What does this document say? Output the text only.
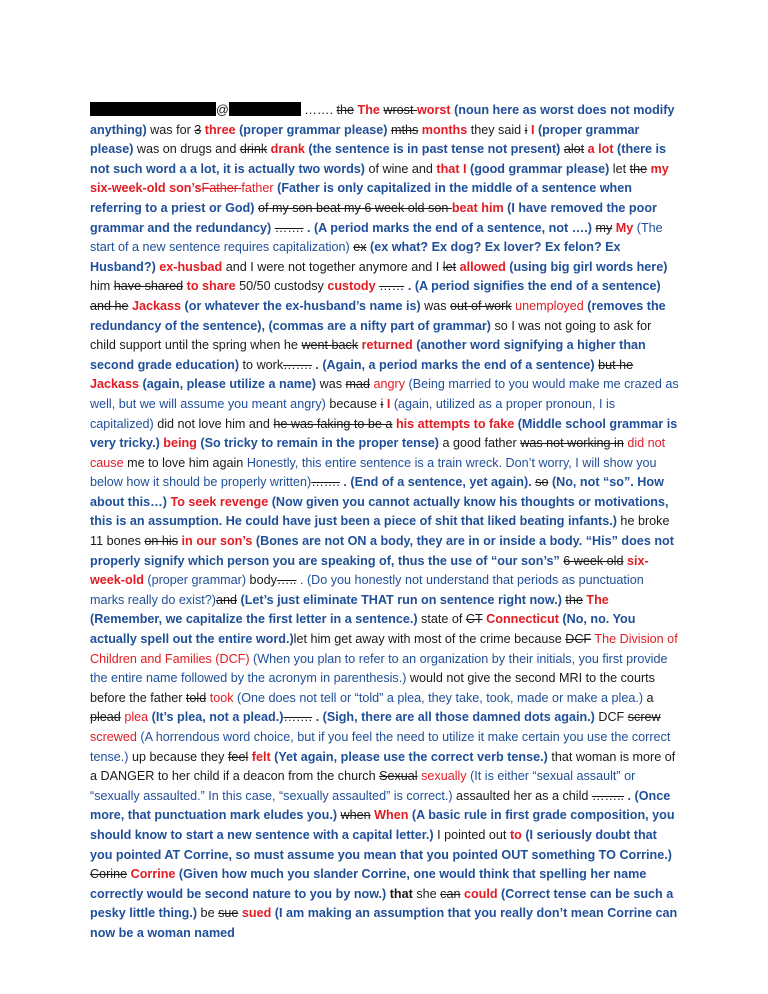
@	……. the The wrost worst (noun here as worst does not modify anything) was for 3 three (proper grammar please) mths months they said i I (proper grammar please) was on drugs and drink drank (the sentence is in past tense not present) alot a lot (there is not such word a a lot, it is actually two words) of wine and that I (good grammar please) let the my six-week-old son’sFather father (Father is only capitalized in the middle of a sentence when referring to a priest or God) of my son beat my 6 week old son beat him (I have removed the poor grammar and the redundancy) ……. . (A period marks the end of a sentence, not ….) my My (The start of a new sentence requires capitalization) ex (ex what? Ex dog? Ex lover? Ex felon? Ex Husband?) ex-husbad and I were not together anymore and I let allowed (using big girl words here) him have shared to share 50/50 custodsy custody …… . (A period signifies the end of a sentence) and he Jackass (or whatever the ex-husband’s name is) was out of work unemployed (removes the redundancy of the sentence), (commas are a nifty part of grammar) so I was not going to ask for child support until the spring when he went back returned (another word signifying a higher than second grade education) to work……. . (Again, a period marks the end of a sentence) but he Jackass (again, please utilize a name) was mad angry (Being married to you would make me crazed as well, but we will assume you meant angry) because i I (again, utilized as a proper pronoun, I is capitalized) did not love him and he was faking to be a his attempts to fake (Middle school grammar is very tricky.) being (So tricky to remain in the proper tense) a good father was not working in did not cause me to love him again Honestly, this entire sentence is a train wreck. Don’t worry, I will show you below how it should be properly written)……. . (End of a sentence, yet again). so (No, not “so”. How about this…) To seek revenge (Now given you cannot actually know his thoughts or motivations, this is an assumption. He could have just been a piece of shit that liked beating infants.) he broke 11 bones on his in our son’s (Bones are not ON a body, they are in or inside a body. “His” does not properly signify which person you are speaking of, thus the use of “our son’s” 6 week old six-week-old (proper grammar) body….. . (Do you honestly not understand that periods as punctuation marks really do exist?)and (Let’s just eliminate THAT run on sentence right now.) the The (Remember, we capitalize the first letter in a sentence.) state of CT Connecticut (No, no. You actually spell out the entire word.)let him get away with most of the crime because DCF The Division of Children and Families (DCF) (When you plan to refer to an organization by their initials, you first provide the entire name followed by the acronym in parenthesis.) would not give the second MRI to the courts before the father told took (One does not tell or “told” a plea, they take, took, made or make a plea.) a plead plea (It’s plea, not a plead.)……. . (Sigh, there are all those damned dots again.) DCF screw screwed (A horrendous word choice, but if you feel the need to utilize it make certain you use the correct tense.) up because they feel felt (Yet again, please use the correct verb tense.) that woman is more of a DANGER to her child if a deacon from the church Sexual sexually (It is either “sexual assault” or “sexually assaulted.” In this case, “sexually assaulted” is correct.) assaulted her as a child …….. . (Once more, that punctuation mark eludes you.) when When (A basic rule in first grade composition, you should know to start a new sentence with a capital letter.) I pointed out to (I seriously doubt that you pointed AT Corrine, so must assume you mean that you pointed OUT something TO Corrine.) Corine Corrine (Given how much you slander Corrine, one would think that spelling her name correctly would be second nature to you by now.) that she can could (Correct tense can be such a pesky little thing.) be sue sued (I am making an assumption that you really don’t mean Corrine can now be a woman named
